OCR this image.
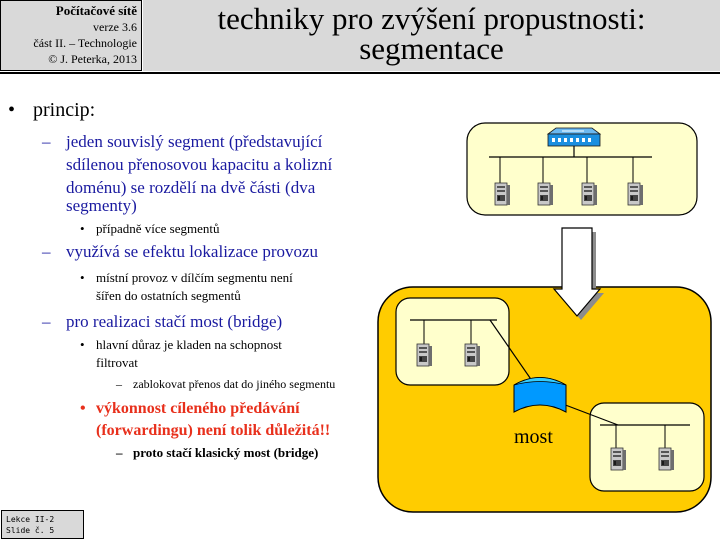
Počítačové sítě
verze 3.6
část II. – Technologie
© J. Peterka, 2013
techniky pro zvýšení propustnosti:
segmentace
• princip:
– jeden souvislý segment (představující
sdílenou přenosovou kapacitu a kolizní
doménu) se rozdělí na dvě části (dva
segmenty)
• případně více segmentů
– využívá se efektu lokalizace provozu
• místní provoz v dílčím segmentu není
šířen do ostatních segmentů
– pro realizaci stačí most (bridge)
• hlavní důraz je kladen na schopnost
filtrovat
– zablokovat přenos dat do jiného segmentu
• výkonnost cíleného předávání
(forwardingu) není tolik důležitá!!
– proto stačí klasický most (bridge)
most
Lekce II-2
Slide č. 5
